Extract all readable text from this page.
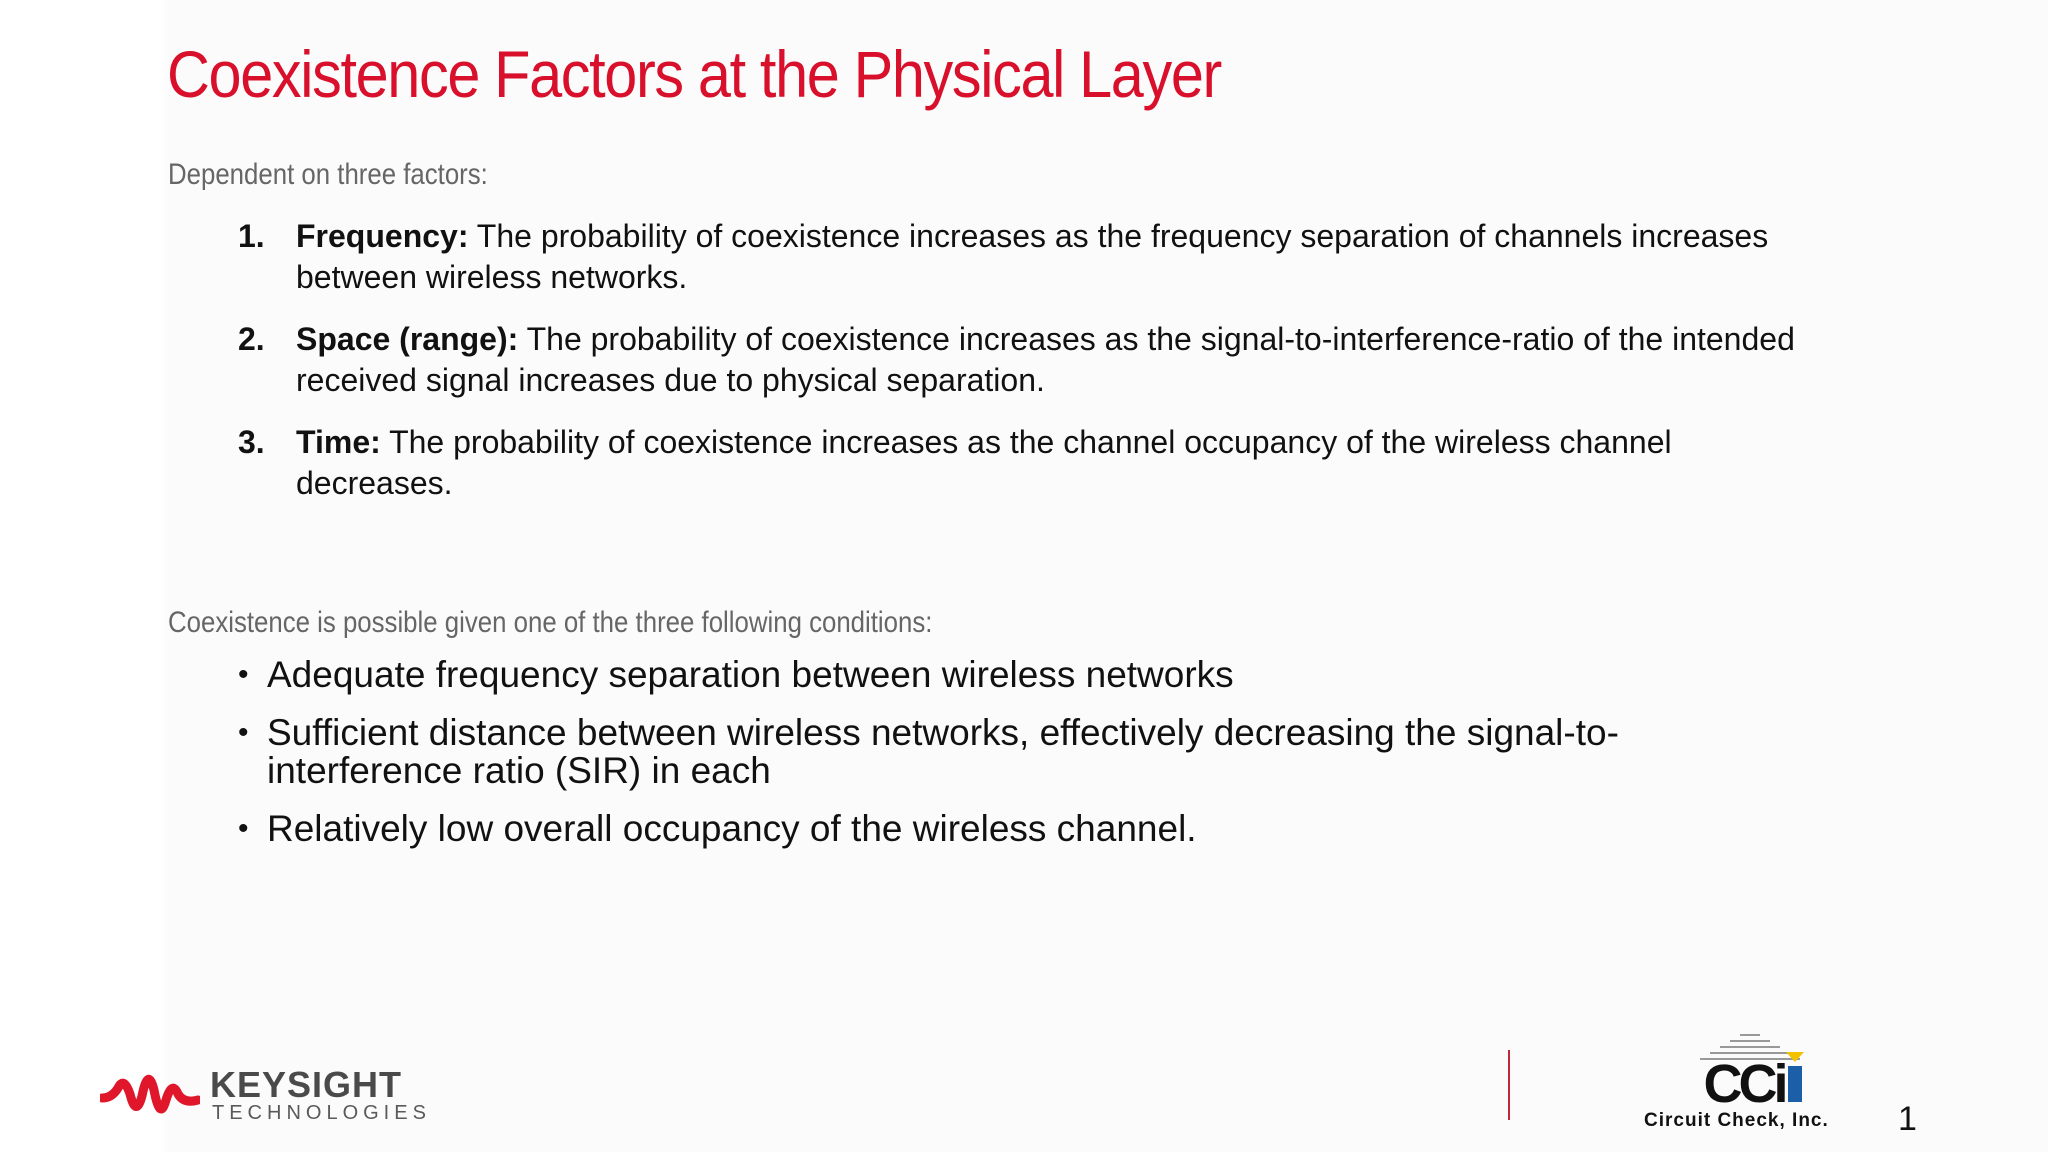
Coexistence Factors at the Physical Layer

Dependent on three factors:

1. Frequency: The probability of coexistence increases as the frequency separation of channels increases between wireless networks.
2. Space (range): The probability of coexistence increases as the signal-to-interference-ratio of the intended received signal increases due to physical separation.
3. Time: The probability of coexistence increases as the channel occupancy of the wireless channel decreases.

Coexistence is possible given one of the three following conditions:

• Adequate frequency separation between wireless networks
• Sufficient distance between wireless networks, effectively decreasing the signal-to-interference ratio (SIR) in each
• Relatively low overall occupancy of the wireless channel.
KEYSIGHT
TECHNOLOGIES	CCi
Circuit Check, Inc. 1
